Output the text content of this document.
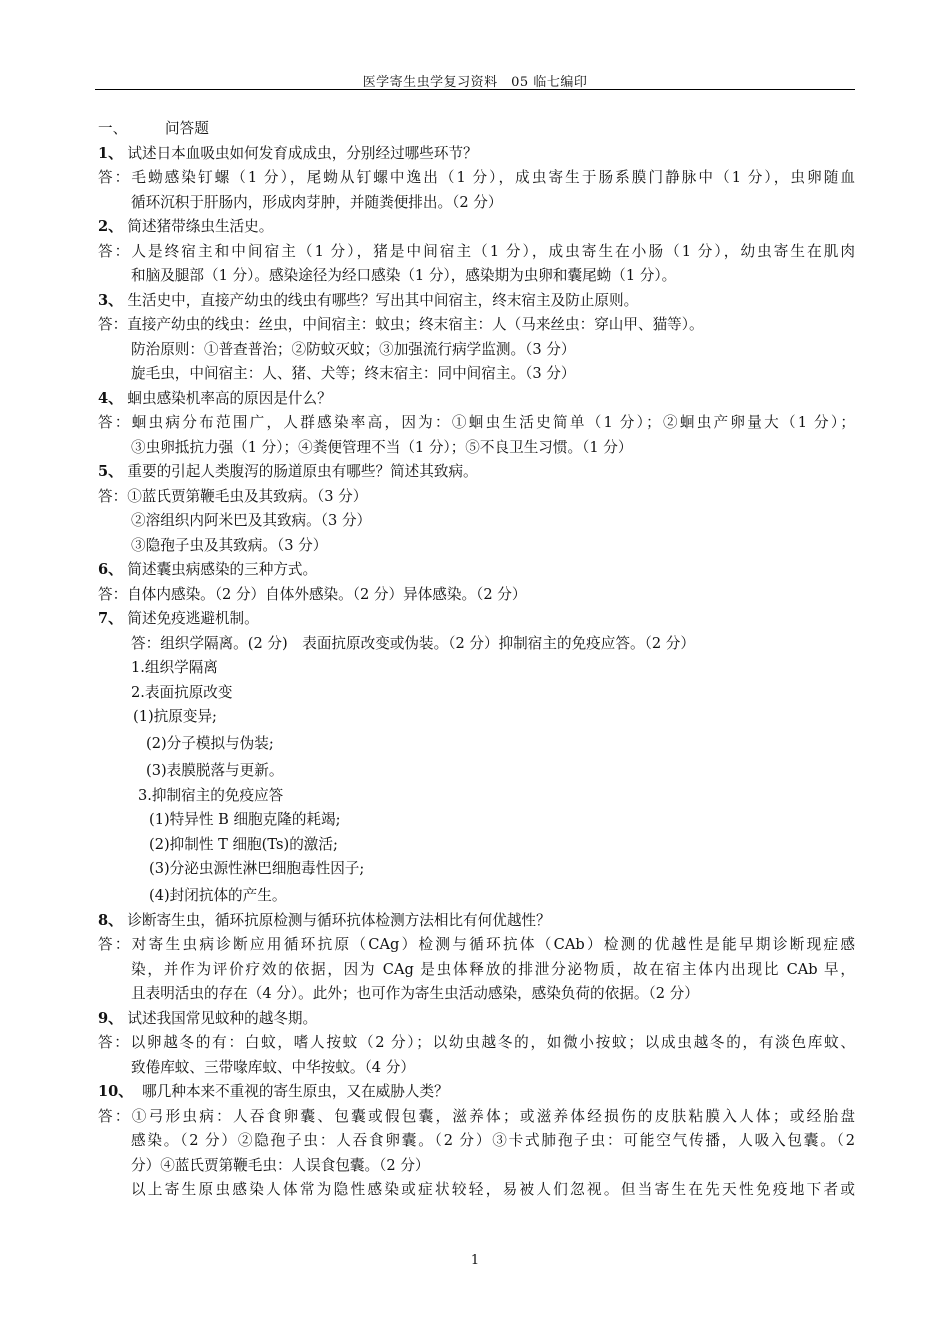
医学寄生虫学复习资料　05 临七编印
一、	问答题
1、 试述日本血吸虫如何发育成成虫，分别经过哪些环节？
答：毛蚴感染钉螺（1 分），尾蚴从钉螺中逸出（1 分），成虫寄生于肠系膜门静脉中（1 分），虫卵随血
循环沉积于肝肠内，形成肉芽肿，并随粪便排出。（2 分）
2、 简述猪带绦虫生活史。
答：人是终宿主和中间宿主（1 分），猪是中间宿主（1 分），成虫寄生在小肠（1 分），幼虫寄生在肌肉
和脑及腿部（1 分）。感染途径为经口感染（1 分），感染期为虫卵和囊尾蚴（1 分）。
3、 生活史中，直接产幼虫的线虫有哪些？写出其中间宿主，终末宿主及防止原则。
答：直接产幼虫的线虫：丝虫，中间宿主：蚊虫；终末宿主：人（马来丝虫：穿山甲、猫等）。
防治原则：①普查普治；②防蚊灭蚊；③加强流行病学监测。（3 分）
旋毛虫，中间宿主：人、猪、犬等；终末宿主：同中间宿主。（3 分）
4、 蛔虫感染机率高的原因是什么？
答：蛔虫病分布范围广，人群感染率高，因为：①蛔虫生活史简单（1 分）；②蛔虫产卵量大（1 分）；
③虫卵抵抗力强（1 分）；④粪便管理不当（1 分）；⑤不良卫生习惯。（1 分）
5、 重要的引起人类腹泻的肠道原虫有哪些？简述其致病。
答：①蓝氏贾第鞭毛虫及其致病。（3 分）
②溶组织内阿米巴及其致病。（3 分）
③隐孢子虫及其致病。（3 分）
6、 简述囊虫病感染的三种方式。
答：自体内感染。（2 分）自体外感染。（2 分）异体感染。（2 分）
7、 简述免疫逃避机制。
答：组织学隔离。(2 分)　表面抗原改变或伪装。（2 分）抑制宿主的免疫应答。（2 分）
1.组织学隔离
2.表面抗原改变
(1)抗原变异;
(2)分子模拟与伪装;
(3)表膜脱落与更新。
3.抑制宿主的免疫应答
(1)特异性 B 细胞克隆的耗竭;
(2)抑制性 T 细胞(Ts)的激活;
(3)分泌虫源性淋巴细胞毒性因子;
(4)封闭抗体的产生。
8、 诊断寄生虫，循环抗原检测与循环抗体检测方法相比有何优越性？
答：对寄生虫病诊断应用循环抗原（CAg）检测与循环抗体（CAb）检测的优越性是能早期诊断现症感
染，并作为评价疗效的依据，因为 CAg 是虫体释放的排泄分泌物质，故在宿主体内出现比 CAb 早，
且表明活虫的存在（4 分）。此外；也可作为寄生虫活动感染，感染负荷的依据。（2 分）
9、 试述我国常见蚊种的越冬期。
答：以卵越冬的有：白蚊，嗜人按蚊（2 分）；以幼虫越冬的，如微小按蚊；以成虫越冬的，有淡色库蚊、
致倦库蚊、三带喙库蚊、中华按蚊。（4 分）
10、  哪几种本来不重视的寄生原虫，又在威胁人类？
答：①弓形虫病：人吞食卵囊、包囊或假包囊，滋养体；或滋养体经损伤的皮肤粘膜入人体；或经胎盘
感染。（2 分）②隐孢子虫：人吞食卵囊。（2 分）③卡式肺孢子虫：可能空气传播，人吸入包囊。（2
分）④蓝氏贾第鞭毛虫：人误食包囊。（2 分）
以上寄生原虫感染人体常为隐性感染或症状较轻，易被人们忽视。但当寄生在先天性免疫地下者或
1
